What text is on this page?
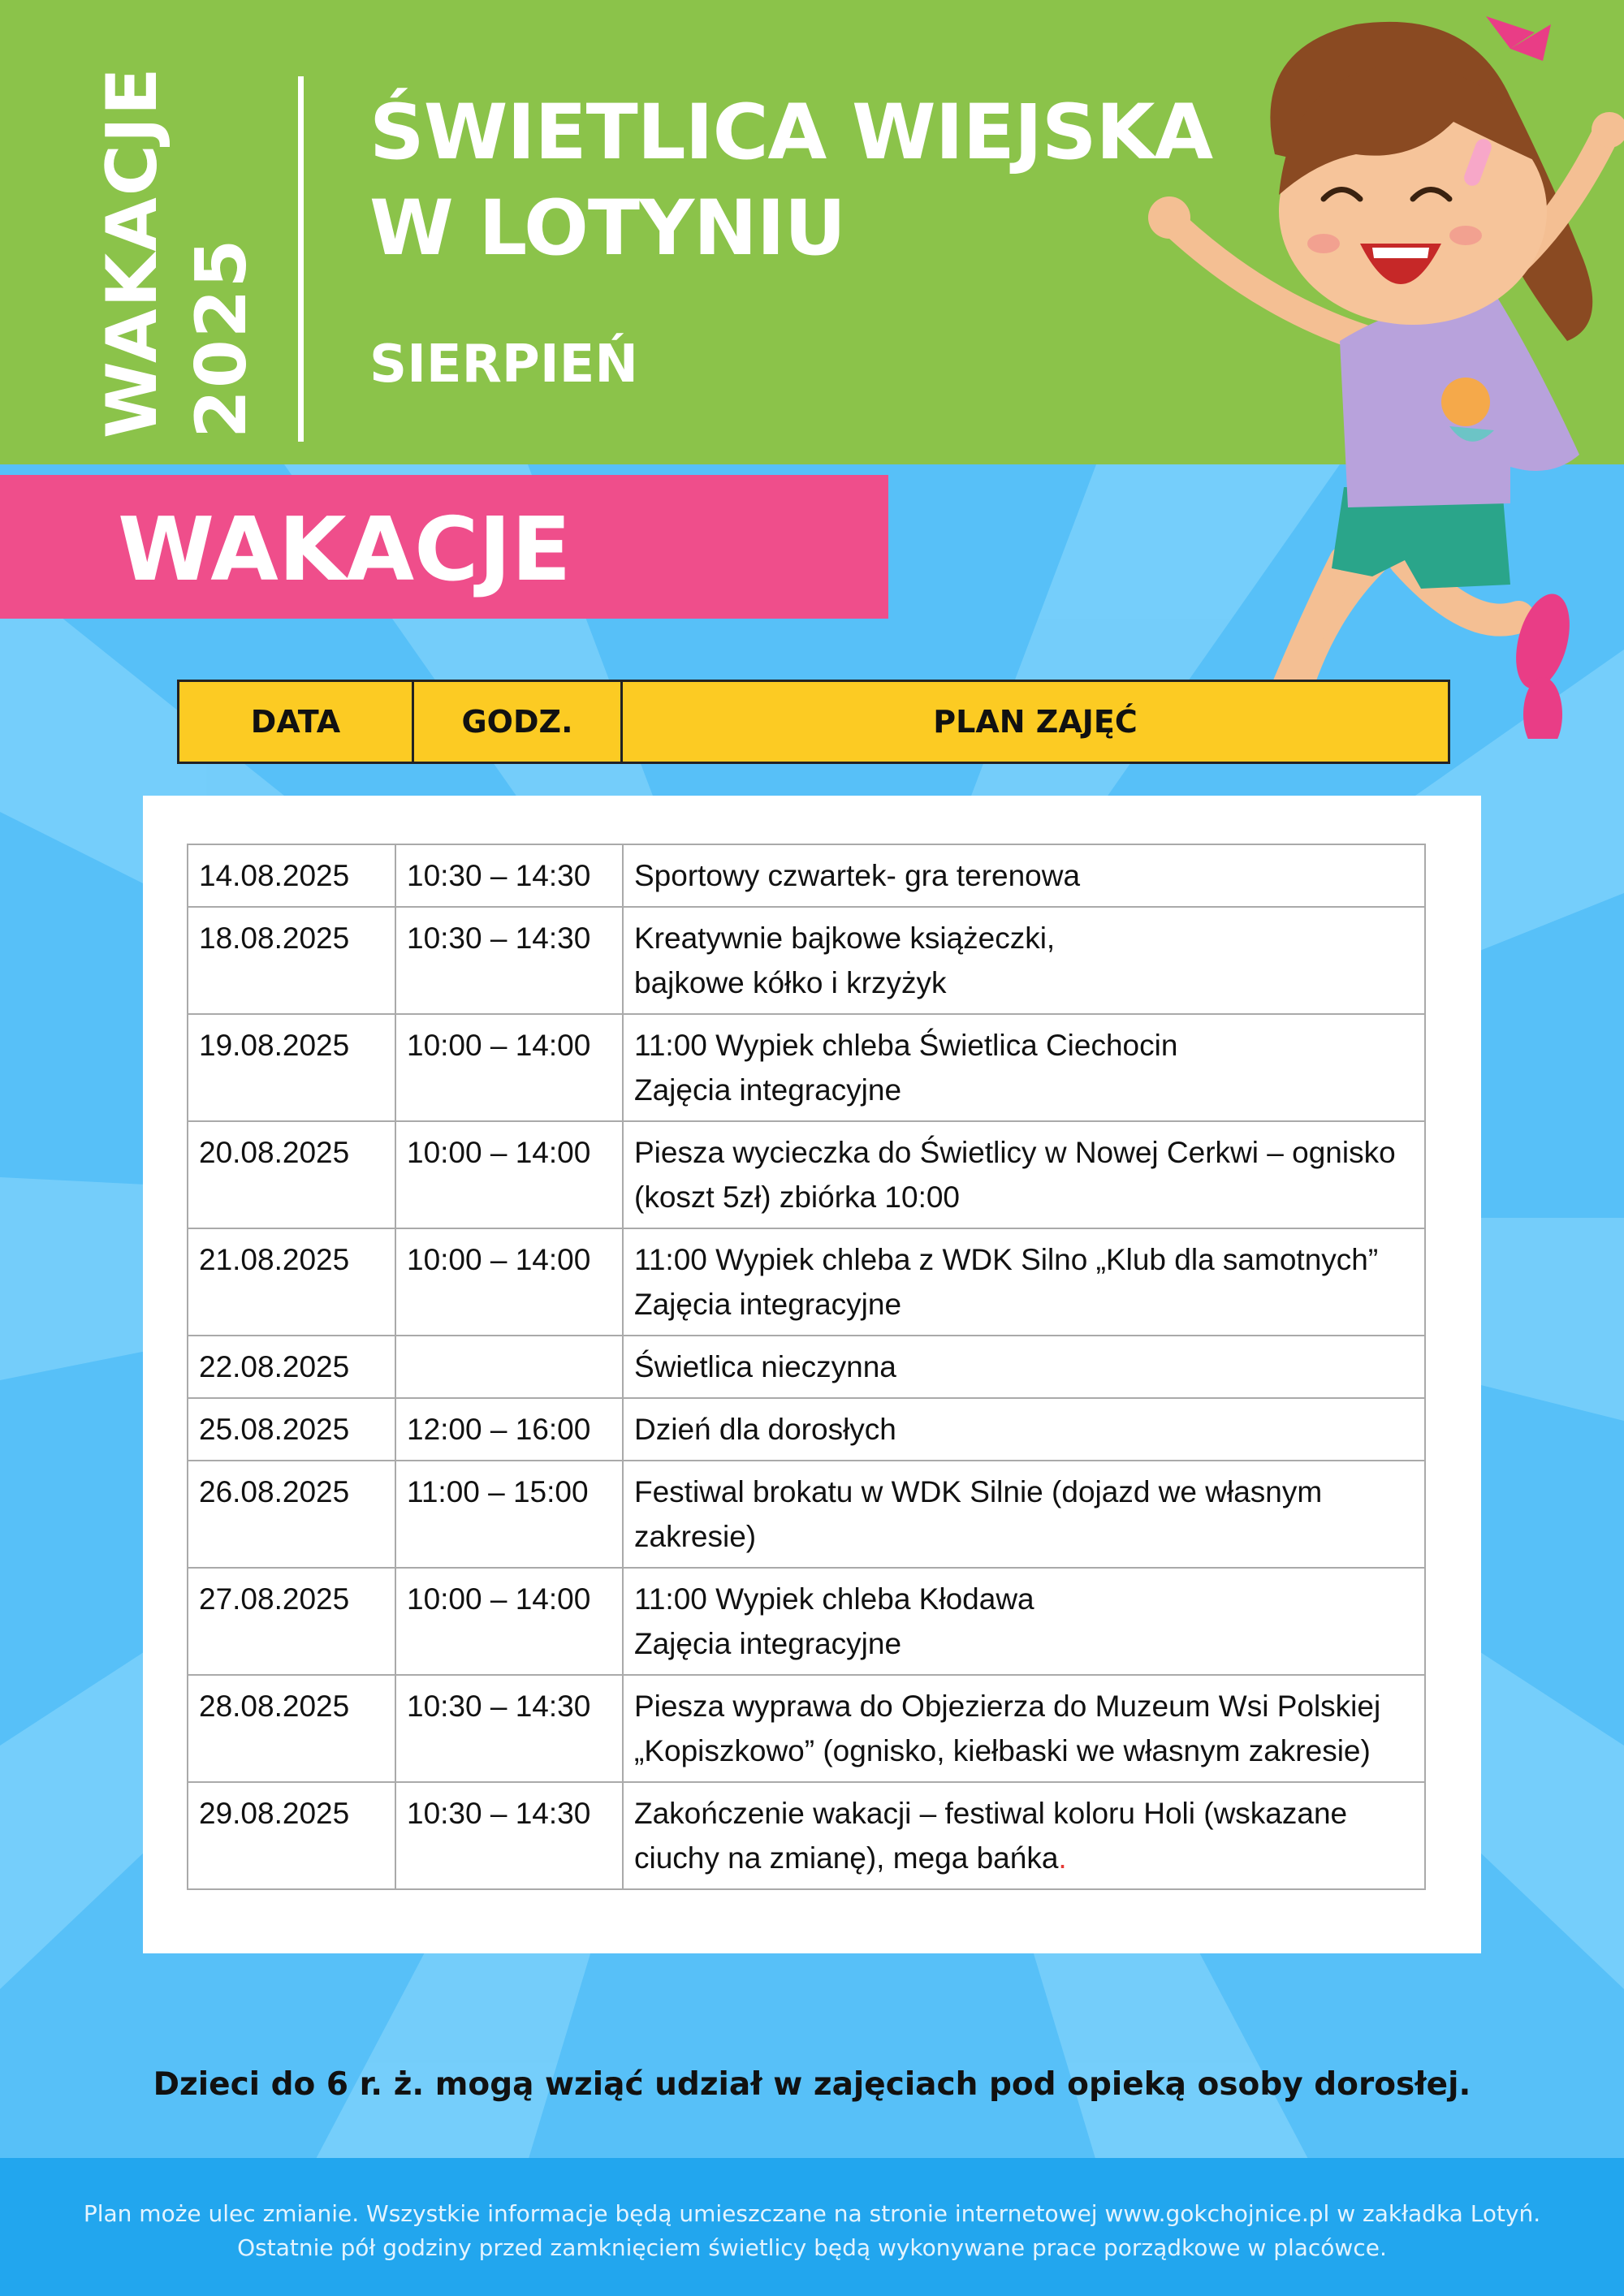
WAKACJE 2025
ŚWIETLICA WIEJSKA
W LOTYNIU
SIERPIEŃ
WAKACJE
DATA	GODZ.	PLAN ZAJĘĆ
14.08.2025	10:30 – 14:30	Sportowy czwartek- gra terenowa

18.08.2025	10:30 – 14:30	Kreatywnie bajkowe książeczki,
bajkowe kółko i krzyżyk

19.08.2025	10:00 – 14:00	11:00 Wypiek chleba Świetlica Ciechocin
Zajęcia integracyjne

20.08.2025	10:00 – 14:00	Piesza wycieczka do Świetlicy w Nowej Cerkwi – ognisko
(koszt 5zł) zbiórka 10:00

21.08.2025	10:00 – 14:00	11:00 Wypiek chleba z WDK Silno „Klub dla samotnych”
Zajęcia integracyjne

22.08.2025		Świetlica nieczynna

25.08.2025	12:00 – 16:00	Dzień dla dorosłych

26.08.2025	11:00 – 15:00	Festiwal brokatu w WDK Silnie (dojazd we własnym
zakresie)

27.08.2025	10:00 – 14:00	11:00 Wypiek chleba Kłodawa
Zajęcia integracyjne

28.08.2025	10:30 – 14:30	Piesza wyprawa do Objezierza do Muzeum Wsi Polskiej
„Kopiszkowo” (ognisko, kiełbaski we własnym zakresie)

29.08.2025	10:30 – 14:30	Zakończenie wakacji – festiwal koloru Holi (wskazane
ciuchy na zmianę), mega bańka.
Dzieci do 6 r. ż. mogą wziąć udział w zajęciach pod opieką osoby dorosłej.
Plan może ulec zmianie. Wszystkie informacje będą umieszczane na stronie internetowej www.gokchojnice.pl w zakładka Lotyń.
Ostatnie pół godziny przed zamknięciem świetlicy będą wykonywane prace porządkowe w placówce.
